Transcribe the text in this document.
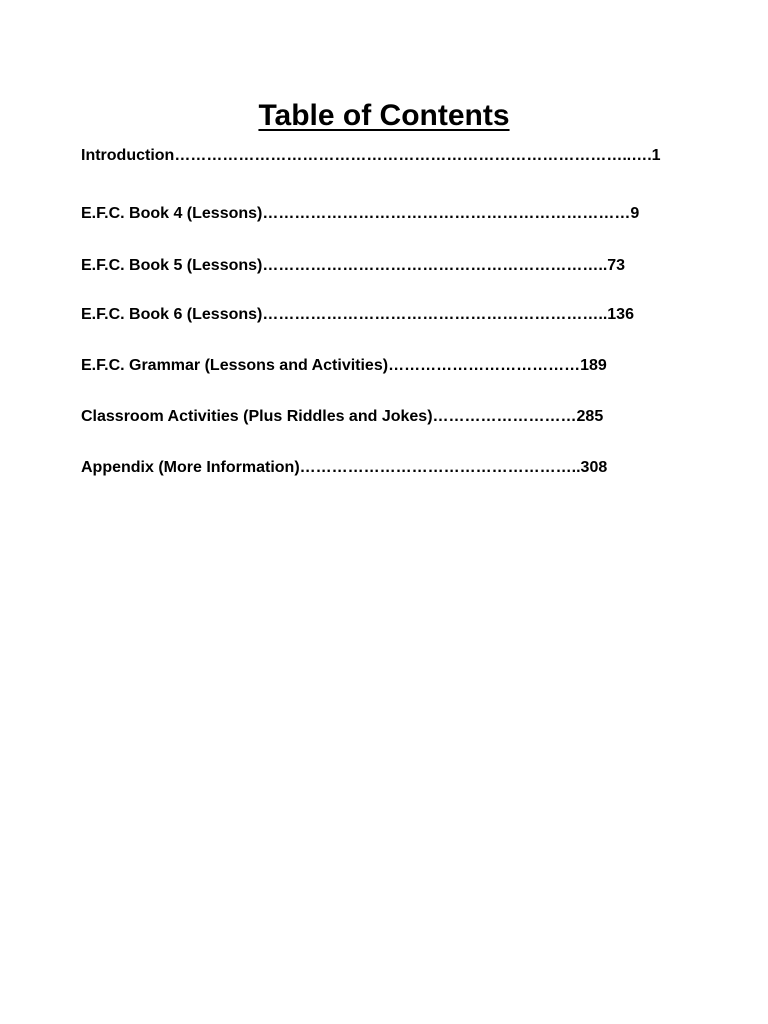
Table of Contents
Introduction…………………………………………………………………………..….1
E.F.C. Book 4 (Lessons)……………………………………………………………9
E.F.C. Book 5 (Lessons)………………………………………………………..73
E.F.C. Book 6 (Lessons)………………………………………………………..136
E.F.C. Grammar (Lessons and Activities)………………………………189
Classroom Activities (Plus Riddles and Jokes)………………………285
Appendix (More Information)……………………………………………..308
